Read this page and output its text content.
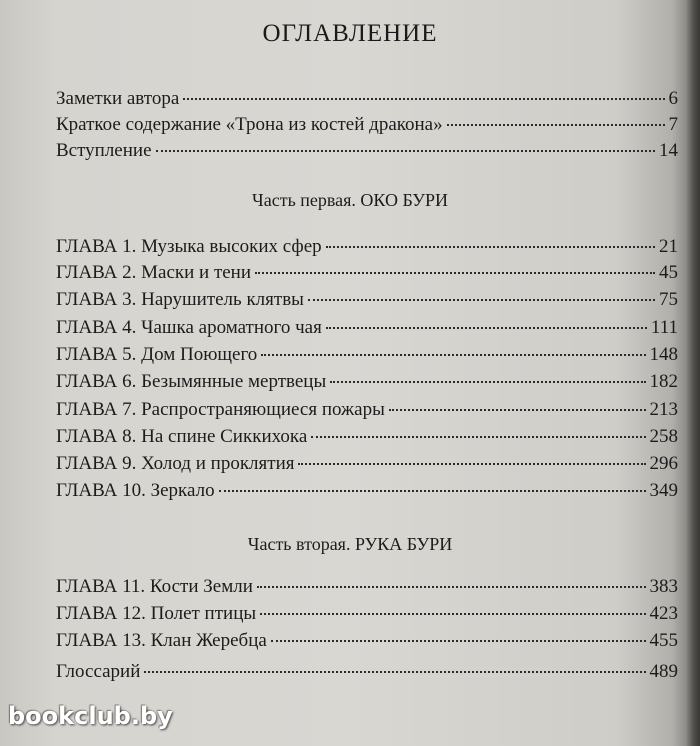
ОГЛАВЛЕНИЕ
Заметки автора	6
Краткое содержание «Трона из костей дракона»	7
Вступление	14
Часть первая. ОКО БУРИ
ГЛАВА 1. Музыка высоких сфер	21
ГЛАВА 2. Маски и тени	45
ГЛАВА 3. Нарушитель клятвы	75
ГЛАВА 4. Чашка ароматного чая	111
ГЛАВА 5. Дом Поющего	148
ГЛАВА 6. Безымянные мертвецы	182
ГЛАВА 7. Распространяющиеся пожары	213
ГЛАВА 8. На спине Сиккихока	258
ГЛАВА 9. Холод и проклятия	296
ГЛАВА 10. Зеркало	349
Часть вторая. РУКА БУРИ
ГЛАВА 11. Кости Земли	383
ГЛАВА 12. Полет птицы	423
ГЛАВА 13. Клан Жеребца	455
Глоссарий	489
bookclub.by
